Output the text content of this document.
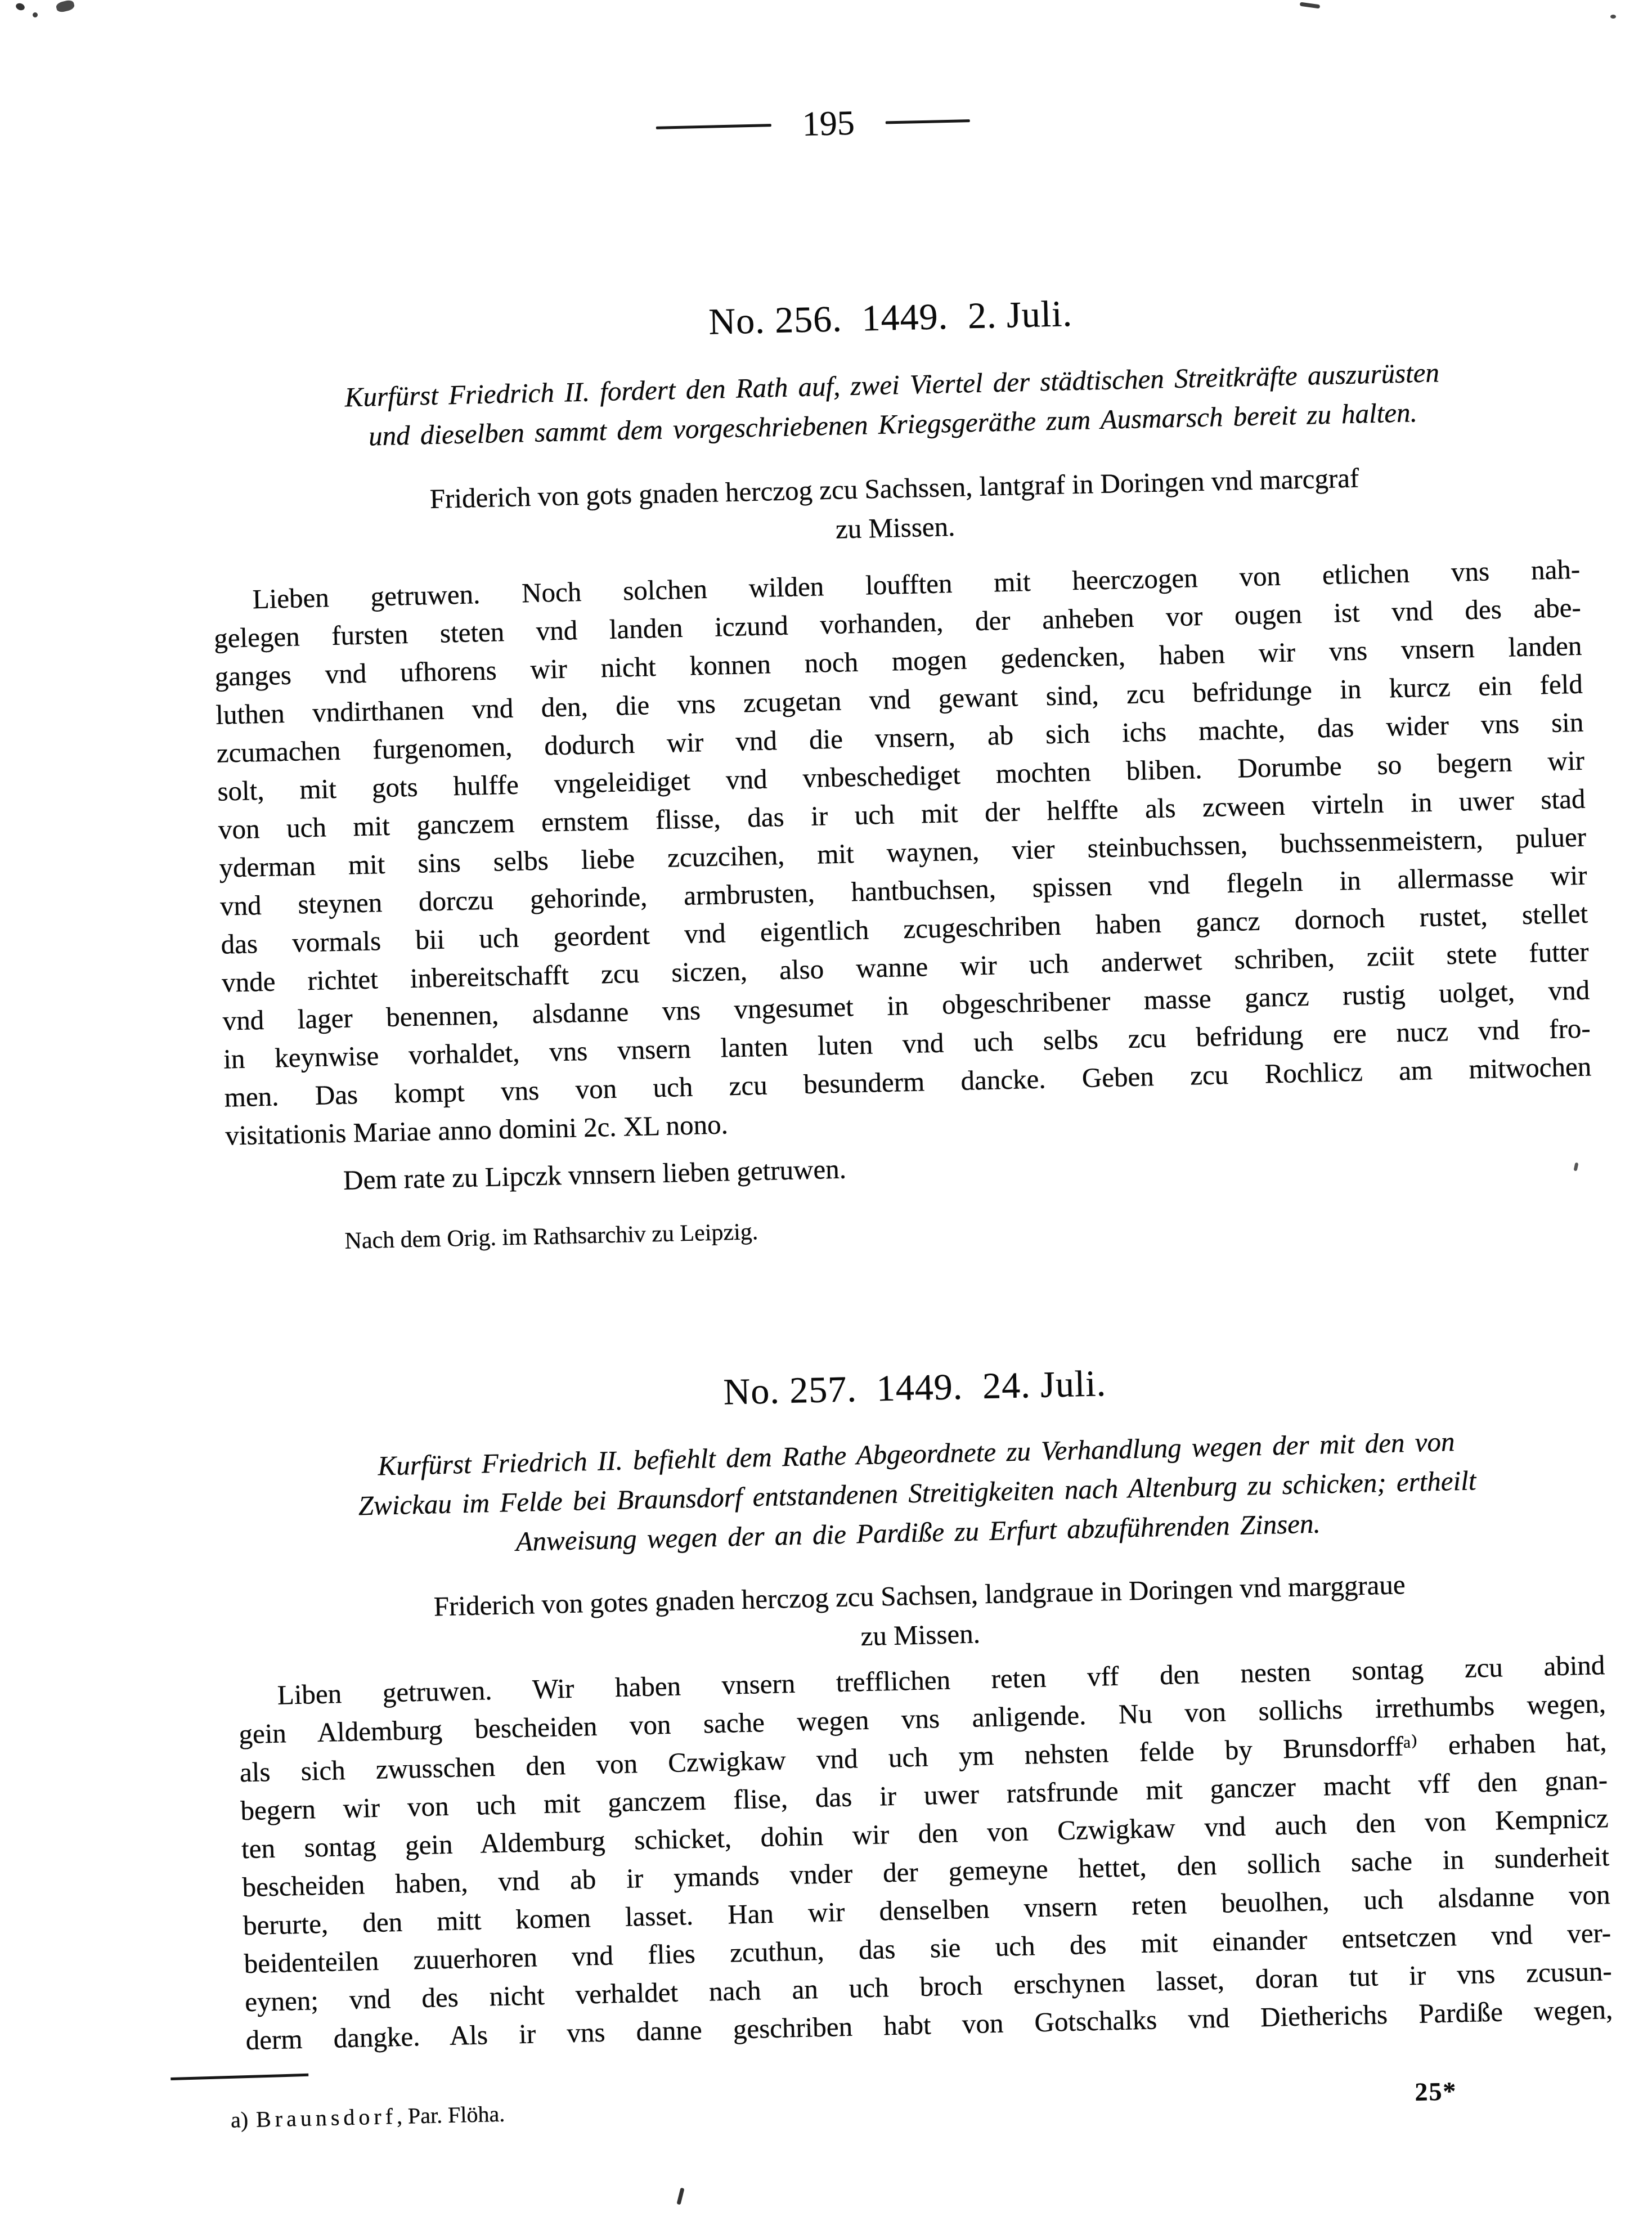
195
No. 256.  1449.  2. Juli.
Kurfürst Friedrich II. fordert den Rath auf, zwei Viertel der städtischen Streitkräfte auszurüsten
und dieselben sammt dem vorgeschriebenen Kriegsgeräthe zum Ausmarsch bereit zu halten.
Friderich von gots gnaden herczog zcu Sachssen, lantgraf in Doringen vnd marcgraf
zu Missen.
Lieben getruwen. Noch solchen wilden loufften mit heerczogen von etlichen vns nah-
gelegen fursten steten vnd landen iczund vorhanden, der anheben vor ougen ist vnd des abe-
ganges vnd ufhorens wir nicht konnen noch mogen gedencken, haben wir vns vnsern landen
luthen vndirthanen vnd den, die vns zcugetan vnd gewant sind, zcu befridunge in kurcz ein feld
zcumachen furgenomen, dodurch wir vnd die vnsern, ab sich ichs machte, das wider vns sin
solt, mit gots hulffe vngeleidiget vnd vnbeschediget mochten bliben. Dorumbe so begern wir
von uch mit ganczem ernstem flisse, das ir uch mit der helffte als zcween virteln in uwer stad
yderman mit sins selbs liebe zcuzcihen, mit waynen, vier steinbuchssen, buchssenmeistern, puluer
vnd steynen dorczu gehorinde, armbrusten, hantbuchsen, spissen vnd flegeln in allermasse wir
das vormals bii uch geordent vnd eigentlich zcugeschriben haben gancz dornoch rustet, stellet
vnde richtet inbereitschafft zcu siczen, also wanne wir uch anderwet schriben, zciit stete futter
vnd lager benennen, alsdanne vns vngesumet in obgeschribener masse gancz rustig uolget, vnd
in keynwise vorhaldet, vns vnsern lanten luten vnd uch selbs zcu befridung ere nucz vnd fro-
men. Das kompt vns von uch zcu besunderm dancke. Geben zcu Rochlicz am mitwochen
visitationis Mariae anno domini 2c. XL nono.
Dem rate zu Lipczk vnnsern lieben getruwen.
Nach dem Orig. im Rathsarchiv zu Leipzig.
No. 257.  1449.  24. Juli.
Kurfürst Friedrich II. befiehlt dem Rathe Abgeordnete zu Verhandlung wegen der mit den von
Zwickau im Felde bei Braunsdorf entstandenen Streitigkeiten nach Altenburg zu schicken; ertheilt
Anweisung wegen der an die Pardiße zu Erfurt abzuführenden Zinsen.
Friderich von gotes gnaden herczog zcu Sachsen, landgraue in Doringen vnd marggraue
zu Missen.
Liben getruwen. Wir haben vnsern trefflichen reten vff den nesten sontag zcu abind
gein Aldemburg bescheiden von sache wegen vns anligende. Nu von sollichs irrethumbs wegen,
als sich zwusschen den von Czwigkaw vnd uch ym nehsten felde by Brunsdorffᵃ⁾ erhaben hat,
begern wir von uch mit ganczem flise, das ir uwer ratsfrunde mit ganczer macht vff den gnan-
ten sontag gein Aldemburg schicket, dohin wir den von Czwigkaw vnd auch den von Kempnicz
bescheiden haben, vnd ab ir ymands vnder der gemeyne hettet, den sollich sache in sunderheit
berurte, den mitt komen lasset. Han wir denselben vnsern reten beuolhen, uch alsdanne von
beidenteilen zuuerhoren vnd flies zcuthun, das sie uch des mit einander entsetczen vnd ver-
eynen; vnd des nicht verhaldet nach an uch broch erschynen lasset, doran tut ir vns zcusun-
derm dangke. Als ir vns danne geschriben habt von Gotschalks vnd Dietherichs Pardiße wegen,
a) Braunsdorf, Par. Flöha.
25*
